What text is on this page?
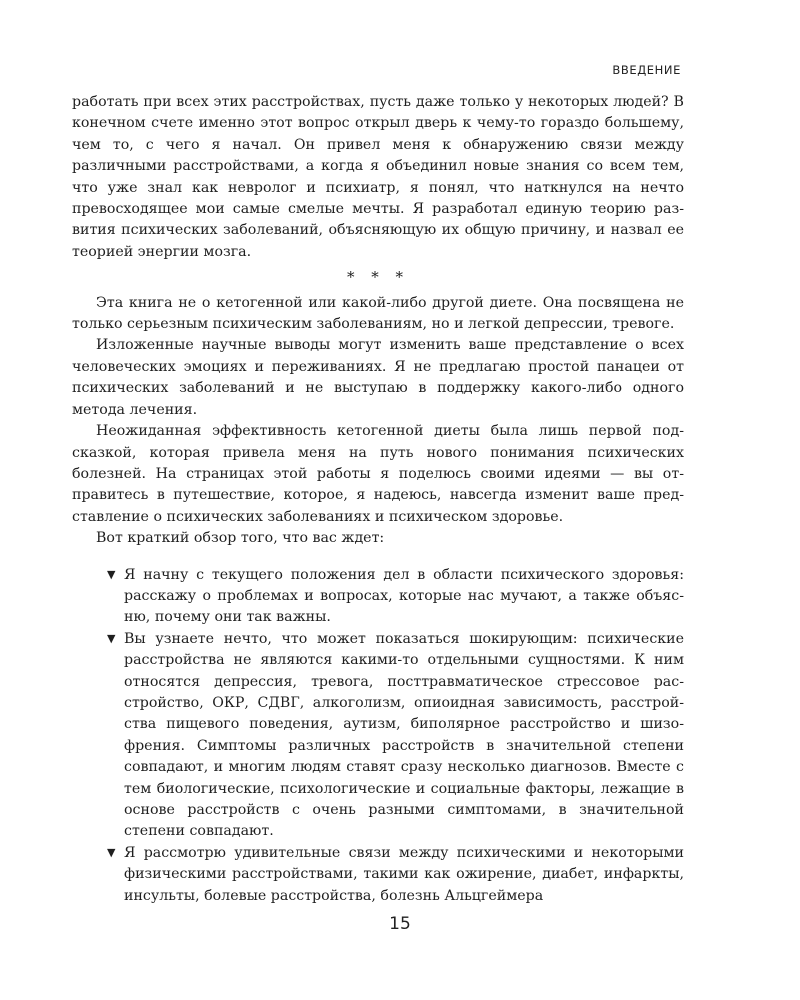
ВВЕДЕНИЕ

работать при всех этих расстройствах, пусть даже только у некоторых людей? В конечном счете именно этот вопрос открыл дверь к чему-то гораздо большему, чем то, с чего я начал. Он привел меня к обнаружению связи между различными расстройствами, а когда я объединил новые знания со всем тем, что уже знал как невролог и психиатр, я понял, что наткнулся на нечто превосходящее мои самые смелые мечты. Я разработал единую теорию развития психических заболеваний, объясняющую их общую причину, и назвал ее теорией энергии мозга.

* * *

Эта книга не о кетогенной или какой-либо другой диете. Она посвящена не только серьезным психическим заболеваниям, но и легкой депрессии, тревоге.

Изложенные научные выводы могут изменить ваше представление о всех человеческих эмоциях и переживаниях. Я не предлагаю простой панацеи от психических заболеваний и не выступаю в поддержку какого-либо одного метода лечения.

Неожиданная эффективность кетогенной диеты была лишь первой подсказкой, которая привела меня на путь нового понимания психических болезней. На страницах этой работы я поделюсь своими идеями — вы отправитесь в путешествие, которое, я надеюсь, навсегда изменит ваше представление о психических заболеваниях и психическом здоровье.

Вот краткий обзор того, что вас ждет:

▼ Я начну с текущего положения дел в области психического здоровья: расскажу о проблемах и вопросах, которые нас мучают, а также объясню, почему они так важны.
▼ Вы узнаете нечто, что может показаться шокирующим: психические расстройства не являются какими-то отдельными сущностями. К ним относятся депрессия, тревога, посттравматическое стрессовое расстройство, ОКР, СДВГ, алкоголизм, опиоидная зависимость, расстройства пищевого поведения, аутизм, биполярное расстройство и шизофрения. Симптомы различных расстройств в значительной степени совпадают, и многим людям ставят сразу несколько диагнозов. Вместе с тем биологические, психологические и социальные факторы, лежащие в основе расстройств с очень разными симптомами, в значительной степени совпадают.
▼ Я рассмотрю удивительные связи между психическими и некоторыми физическими расстройствами, такими как ожирение, диабет, инфаркты, инсульты, болевые расстройства, болезнь Альцгеймера
15
